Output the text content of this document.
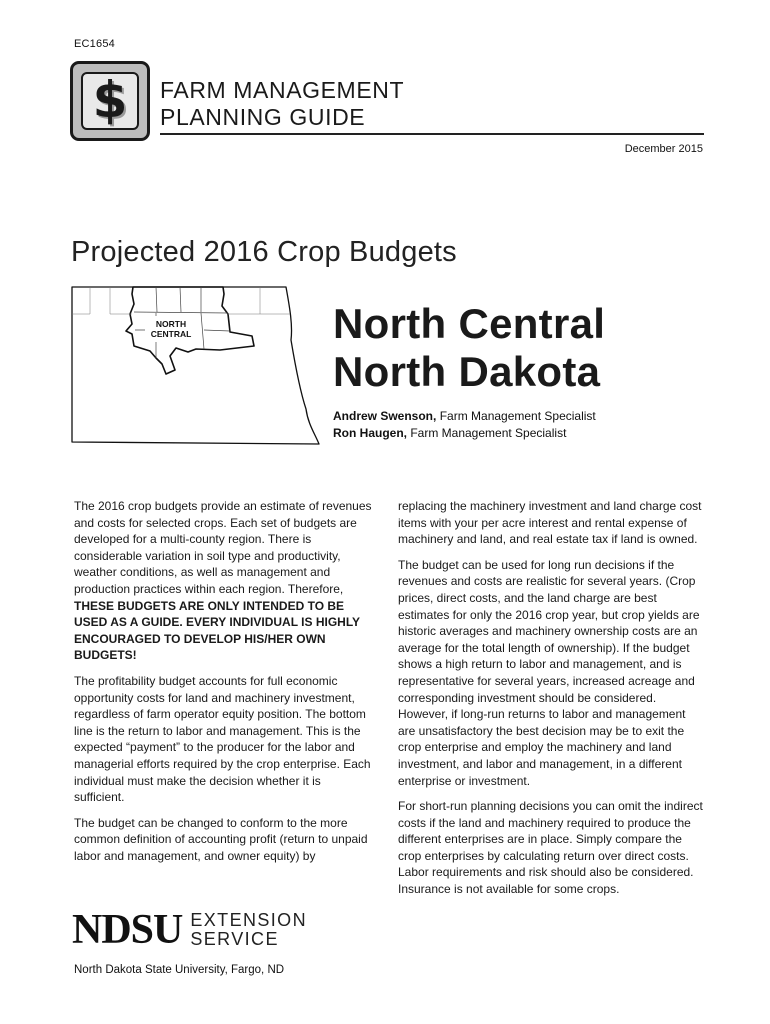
EC1654
$ FARM MANAGEMENT
PLANNING GUIDE
December 2015
Projected 2016 Crop Budgets
NORTH
CENTRAL	North Central
North Dakota
Andrew Swenson, Farm Management Specialist
Ron Haugen, Farm Management Specialist

The 2016 crop budgets provide an estimate of revenues and costs for selected crops. Each set of budgets are developed for a multi-county region. There is considerable variation in soil type and productivity, weather conditions, as well as management and production practices within each region. Therefore, THESE BUDGETS ARE ONLY INTENDED TO BE USED AS A GUIDE. EVERY INDIVIDUAL IS HIGHLY ENCOURAGED TO DEVELOP HIS/HER OWN BUDGETS!

The profitability budget accounts for full economic opportunity costs for land and machinery investment, regardless of farm operator equity position. The bottom line is the return to labor and management. This is the expected “payment” to the producer for the labor and managerial efforts required by the crop enterprise. Each individual must make the decision whether it is sufficient.

The budget can be changed to conform to the more common definition of accounting profit (return to unpaid labor and management, and owner equity) by

replacing the machinery investment and land charge cost items with your per acre interest and rental expense of machinery and land, and real estate tax if land is owned.

The budget can be used for long run decisions if the revenues and costs are realistic for several years. (Crop prices, direct costs, and the land charge are best estimates for only the 2016 crop year, but crop yields are historic averages and machinery ownership costs are an average for the total length of ownership). If the budget shows a high return to labor and management, and is representative for several years, increased acreage and corresponding investment should be considered. However, if long-run returns to labor and management are unsatisfactory the best decision may be to exit the crop enterprise and employ the machinery and land investment, and labor and management, in a different enterprise or investment.

For short-run planning decisions you can omit the indirect costs if the land and machinery required to produce the different enterprises are in place. Simply compare the crop enterprises by calculating return over direct costs. Labor requirements and risk should also be considered. Insurance is not available for some crops.

NDSU EXTENSION
SERVICE
North Dakota State University, Fargo, ND
